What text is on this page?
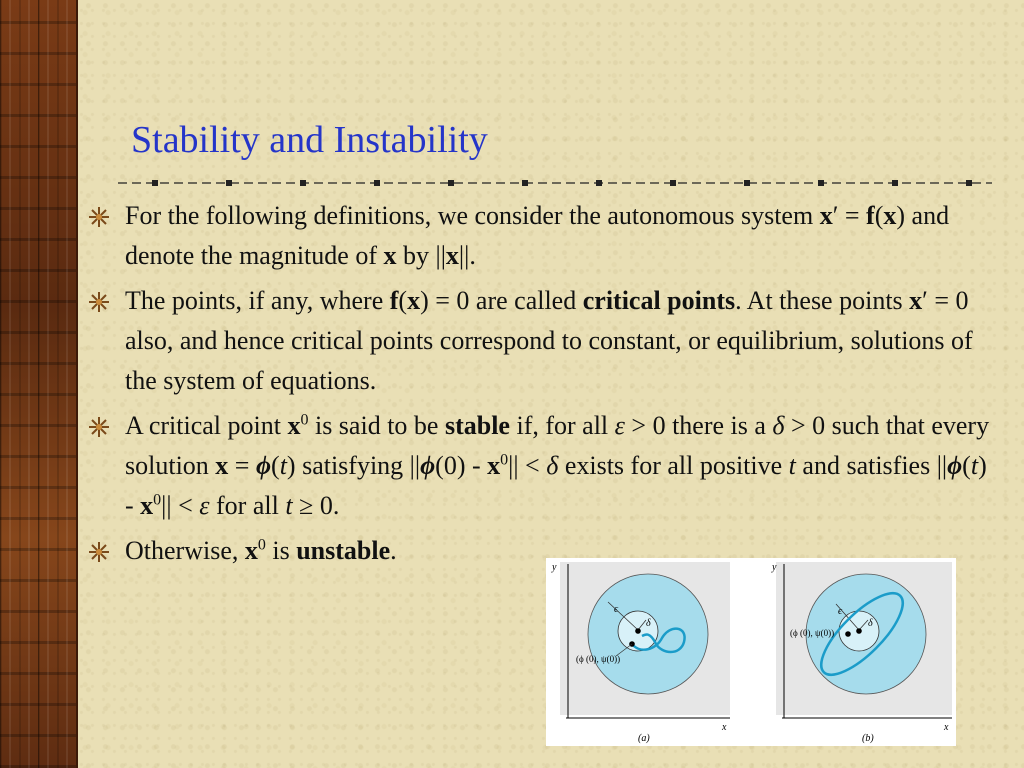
Stability and Instability
For the following definitions, we consider the autonomous system x′ = f(x) and denote the magnitude of x by ||x||.
The points, if any, where f(x) = 0 are called critical points. At these points x′ = 0 also, and hence critical points correspond to constant, or equilibrium, solutions of the system of equations.
A critical point $x^0$ is said to be stable if, for all ε > 0 there is a δ > 0 such that every solution x = ϕ(t) satisfying $||\phi(0) - x^0|| < \delta$ exists for all positive t and satisfies $||\phi(t) - x^0|| < \varepsilon$ for all t ≥ 0.
Otherwise, $x^0$ is unstable.
y
x
ϵ
δ
(ϕ (0), ψ(0))
(a)
y
x
ϵ
δ
(ϕ (0), ψ(0))
(b)
